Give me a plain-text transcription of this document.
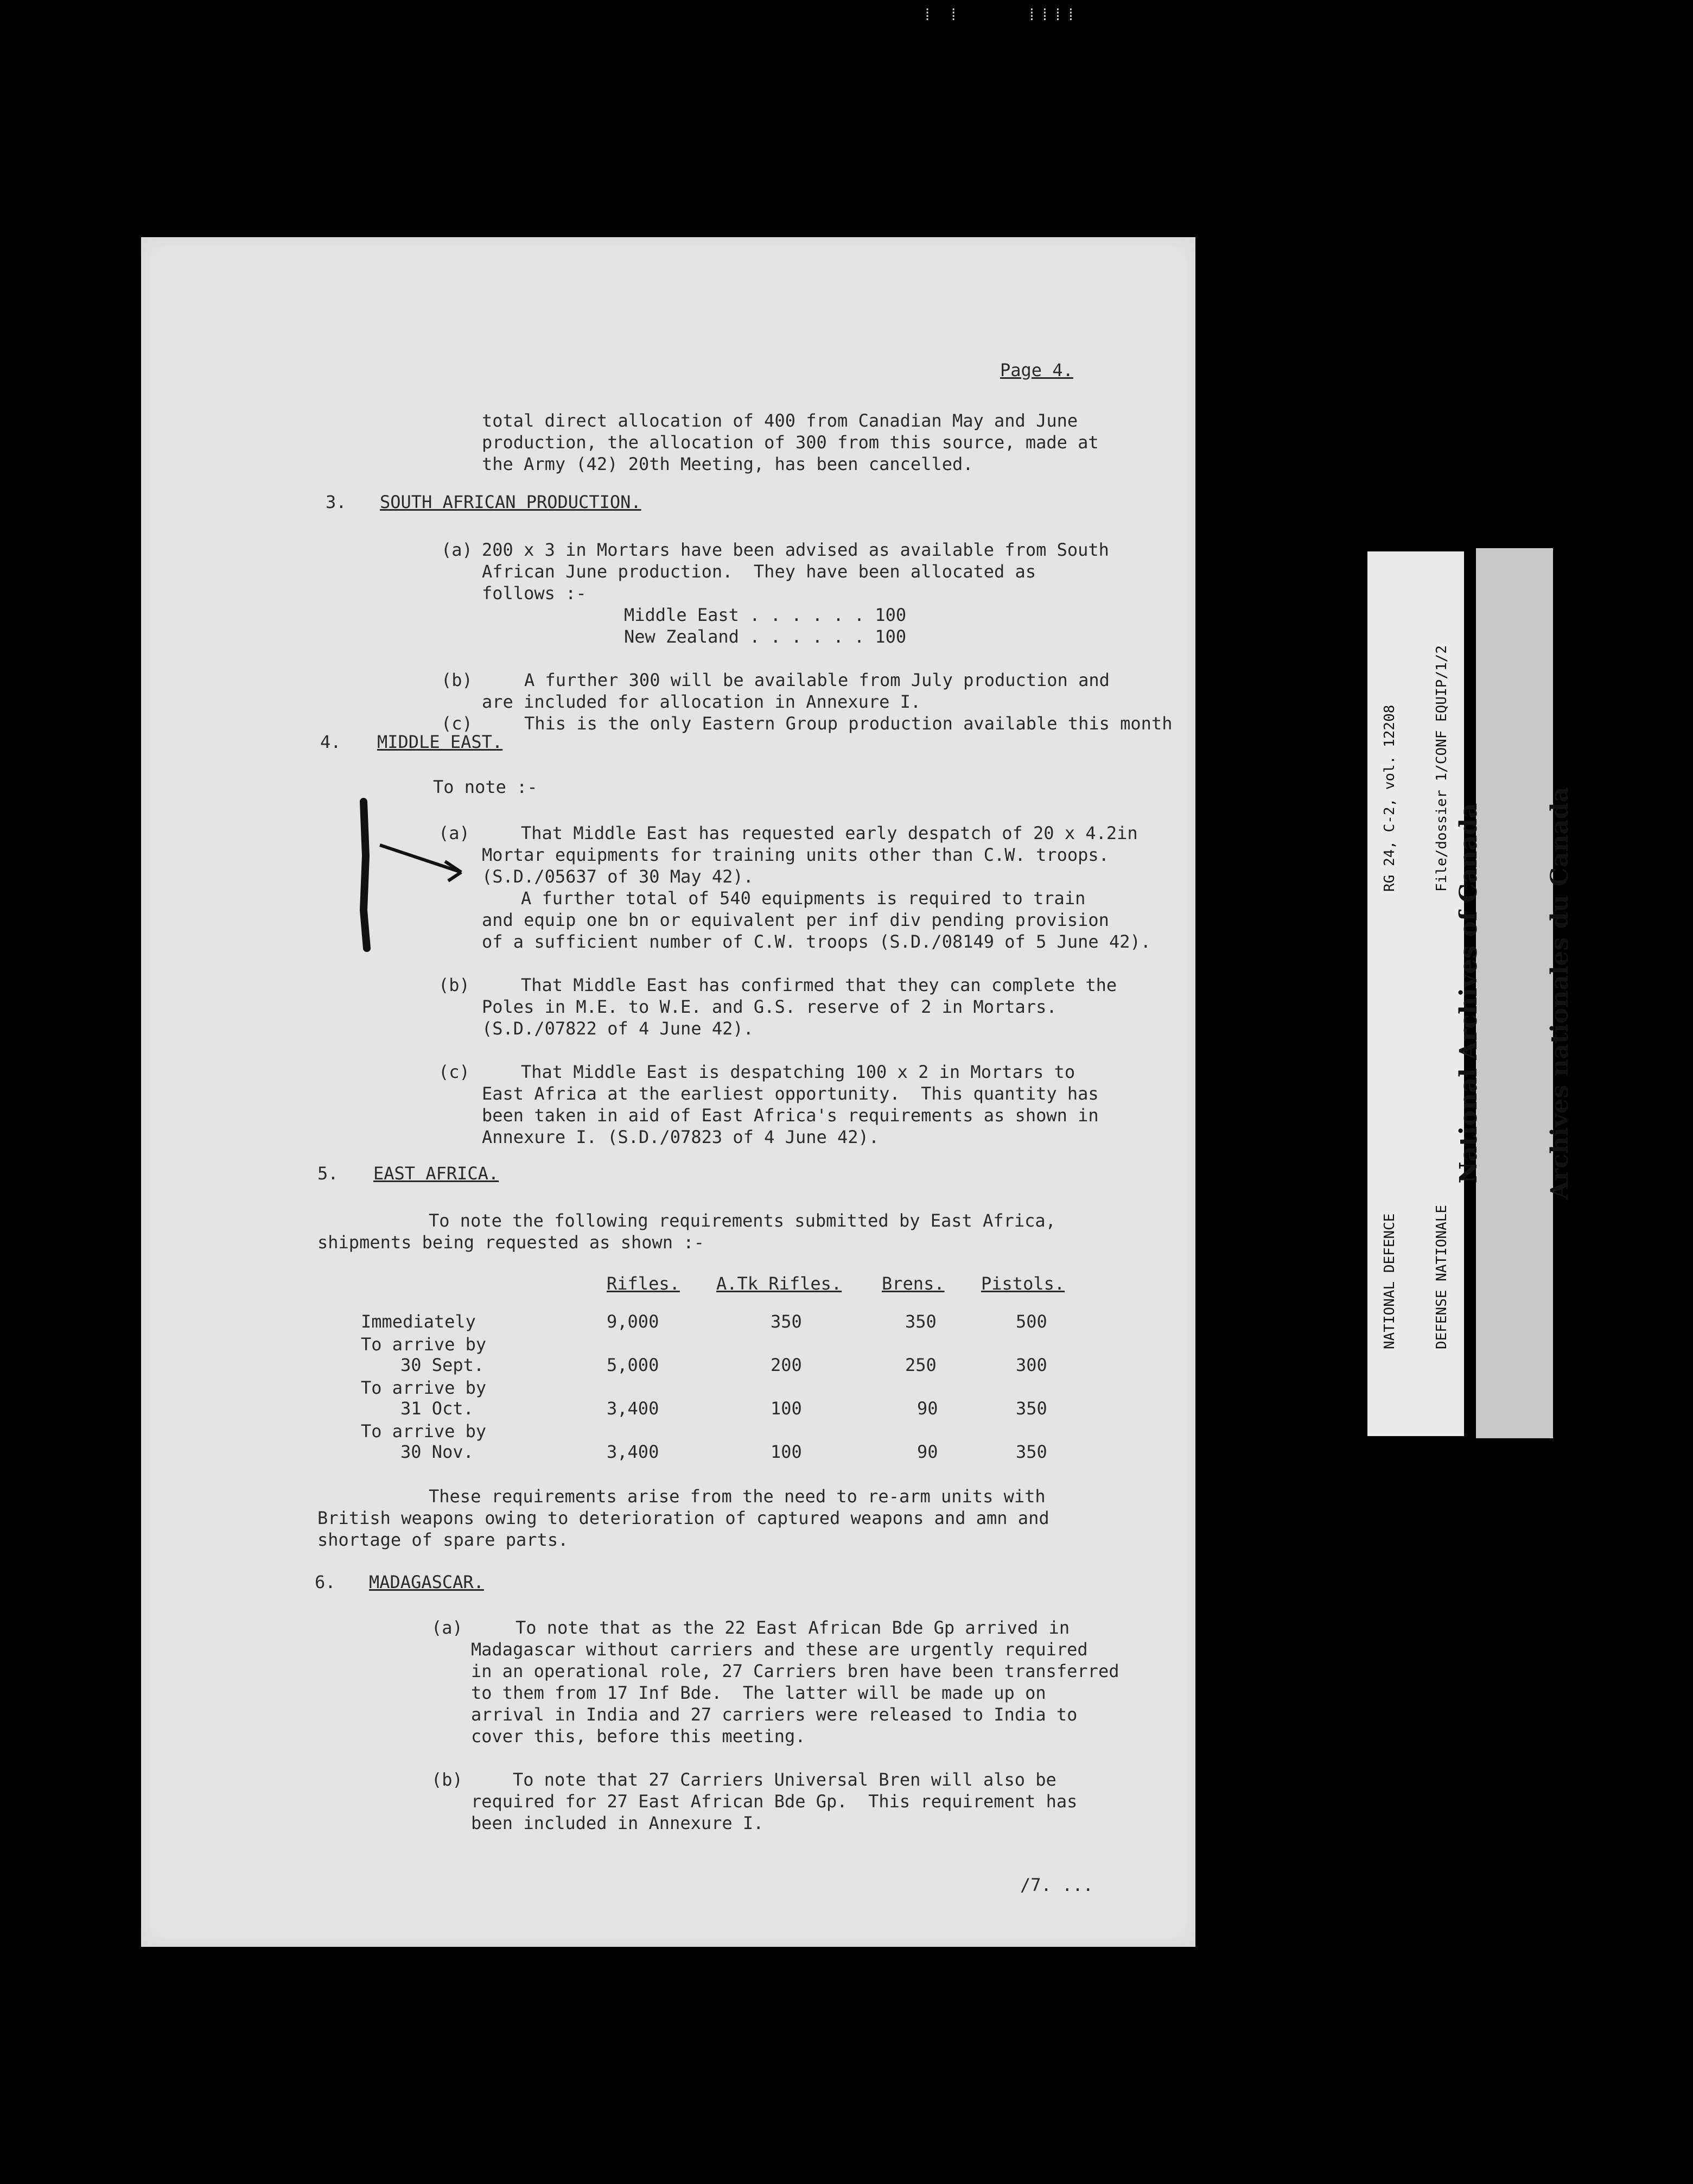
⁞ ⁞     ⁞⁞⁞⁞
Page 4.
total direct allocation of 400 from Canadian May and June
production, the allocation of 300 from this source, made at
the Army (42) 20th Meeting, has been cancelled.
3. SOUTH AFRICAN PRODUCTION.
(a) 200 x 3 in Mortars have been advised as available from South
African June production.  They have been allocated as
follows :-
Middle East . . . . . . 100
New Zealand . . . . . . 100
(b)	A further 300 will be available from July production and
are included for allocation in Annexure I.
(c)	This is the only Eastern Group production available this month
4. MIDDLE EAST.
To note :-
(a)	That Middle East has requested early despatch of 20 x 4.2in
Mortar equipments for training units other than C.W. troops.
(S.D./05637 of 30 May 42).
A further total of 540 equipments is required to train
and equip one bn or equivalent per inf div pending provision
of a sufficient number of C.W. troops (S.D./08149 of 5 June 42).
(b)	That Middle East has confirmed that they can complete the
Poles in M.E. to W.E. and G.S. reserve of 2 in Mortars.
(S.D./07822 of 4 June 42).
(c)	That Middle East is despatching 100 x 2 in Mortars to
East Africa at the earliest opportunity.  This quantity has
been taken in aid of East Africa's requirements as shown in
Annexure I. (S.D./07823 of 4 June 42).
5. EAST AFRICA.
To note the following requirements submitted by East Africa,
shipments being requested as shown :-
Rifles. A.Tk Rifles. Brens. Pistols.
Immediately	9,000	350	350	500
To arrive by
30 Sept.	5,000	200	250	300
To arrive by
31 Oct.	3,400	100	90	350
To arrive by
30 Nov.	3,400	100	90	350
These requirements arise from the need to re-arm units with
British weapons owing to deterioration of captured weapons and amn and
shortage of spare parts.
6. MADAGASCAR.
(a)	To note that as the 22 East African Bde Gp arrived in
Madagascar without carriers and these are urgently required
in an operational role, 27 Carriers bren have been transferred
to them from 17 Inf Bde.  The latter will be made up on
arrival in India and 27 carriers were released to India to
cover this, before this meeting.
(b)	To note that 27 Carriers Universal Bren will also be
required for 27 East African Bde Gp.  This requirement has
been included in Annexure I.
/7. ...

NATIONAL DEFENCE

	DEFENSE NATIONALE

RG 24, C-2, vol. 12208

	File/dossier 1/CONF EQUIP/1/2

National Archives of Canada

	Archives nationales du Canada
